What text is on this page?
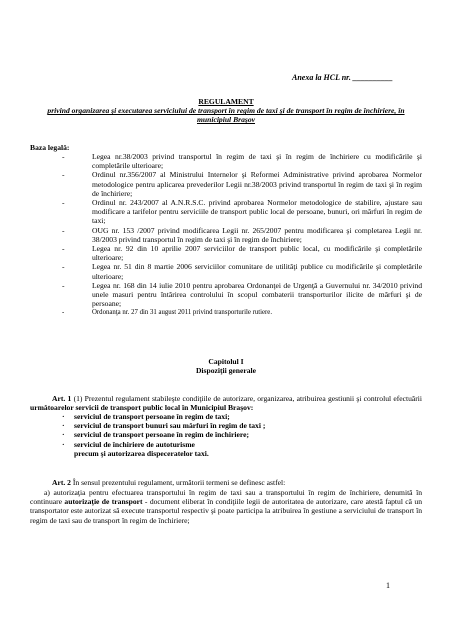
Anexa la HCL nr. __________
REGULAMENT
privind organizarea şi executarea serviciului de transport în regim de taxi şi de transport în regim de închiriere, în municipiul Braşov
Baza legală:
- Legea nr.38/2003 privind transportul în regim de taxi şi în regim de închiriere cu modificările şi completările ulterioare;
- Ordinul nr.356/2007 al Ministrului Internelor şi Reformei Administrative privind aprobarea Normelor metodologice pentru aplicarea prevederilor Legii nr.38/2003 privind transportul în regim de taxi şi în regim de închiriere;
- Ordinul nr. 243/2007 al A.N.R.S.C. privind aprobarea Normelor metodologice de stabilire, ajustare sau modificare a tarifelor pentru serviciile de transport public local de persoane, bunuri, ori mărfuri în regim de taxi;
- OUG nr. 153 /2007 privind modificarea Legii nr. 265/2007 pentru modificarea şi completarea Legii nr. 38/2003 privind transportul în regim de taxi şi în regim de închiriere;
- Legea nr. 92 din 10 aprilie 2007 serviciilor de transport public local, cu modificările şi completările ulterioare;
- Legea nr. 51 din 8 martie 2006 serviciilor comunitare de utilităţi publice cu modificările şi completările ulterioare;
- Legea nr. 168 din 14 iulie 2010 pentru aprobarea Ordonanţei de Urgenţă a Guvernului nr. 34/2010 privind unele masuri pentru întărirea controlului în scopul combaterii transporturilor ilicite de mărfuri şi de persoane;
- Ordonanţa nr. 27 din 31 august 2011 privind transporturile rutiere.
Capitolul I
Dispoziţii generale
Art. 1 (1) Prezentul regulament stabileşte condiţiile de autorizare, organizarea, atribuirea gestiunii şi controlul efectuării următoarelor servicii de transport public local în Municipiul Braşov:
· serviciul de transport persoane în regim de taxi;
· serviciul de transport bunuri sau mărfuri în regim de taxi ;
· serviciul de transport persoane în regim de închiriere;
· serviciul de închiriere de autoturisme
precum şi autorizarea dispeceratelor taxi.
Art. 2 În sensul prezentului regulament, următorii termeni se definesc astfel:
a) autorizaţia pentru efectuarea transportului în regim de taxi sau a transportului în regim de închiriere, denumită în continuare autorizaţie de transport - document eliberat în condiţiile legii de autoritatea de autorizare, care atestă faptul că un transportator este autorizat să execute transportul respectiv şi poate participa la atribuirea în gestiune a serviciului de transport în regim de taxi sau de transport în regim de închiriere;
1
